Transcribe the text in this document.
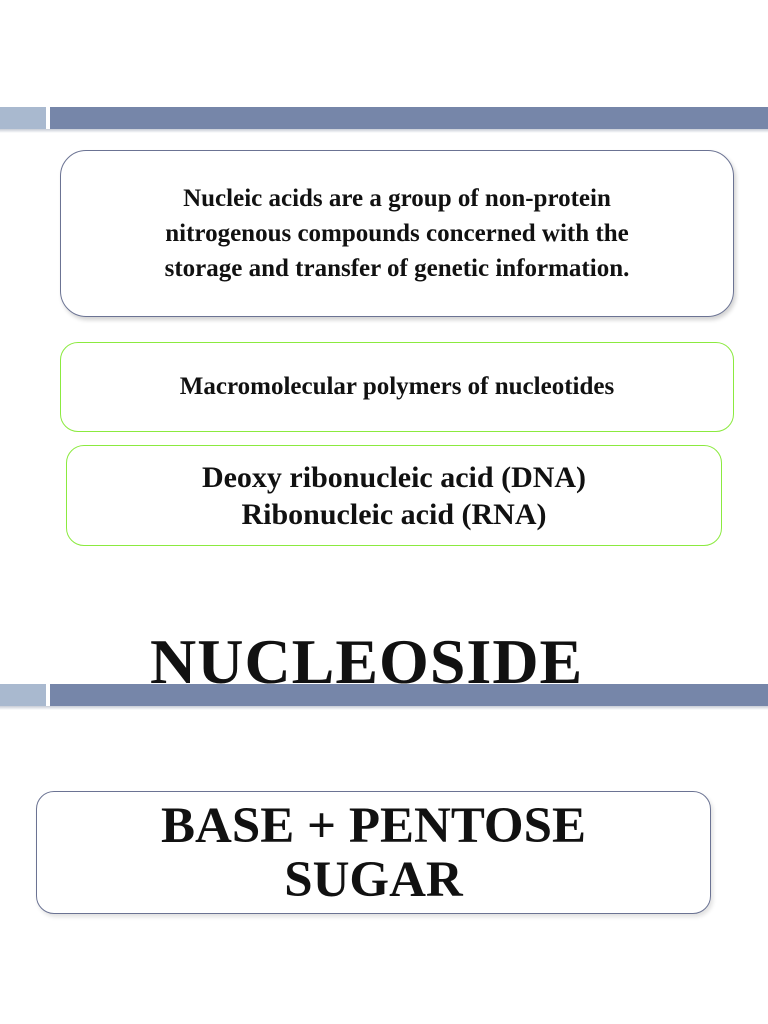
Nucleic acids are a group of non-protein
nitrogenous compounds concerned with the
storage and transfer of genetic information.
Macromolecular polymers of nucleotides
Deoxy ribonucleic acid (DNA)
Ribonucleic acid (RNA)
NUCLEOSIDE
BASE + PENTOSE
SUGAR
